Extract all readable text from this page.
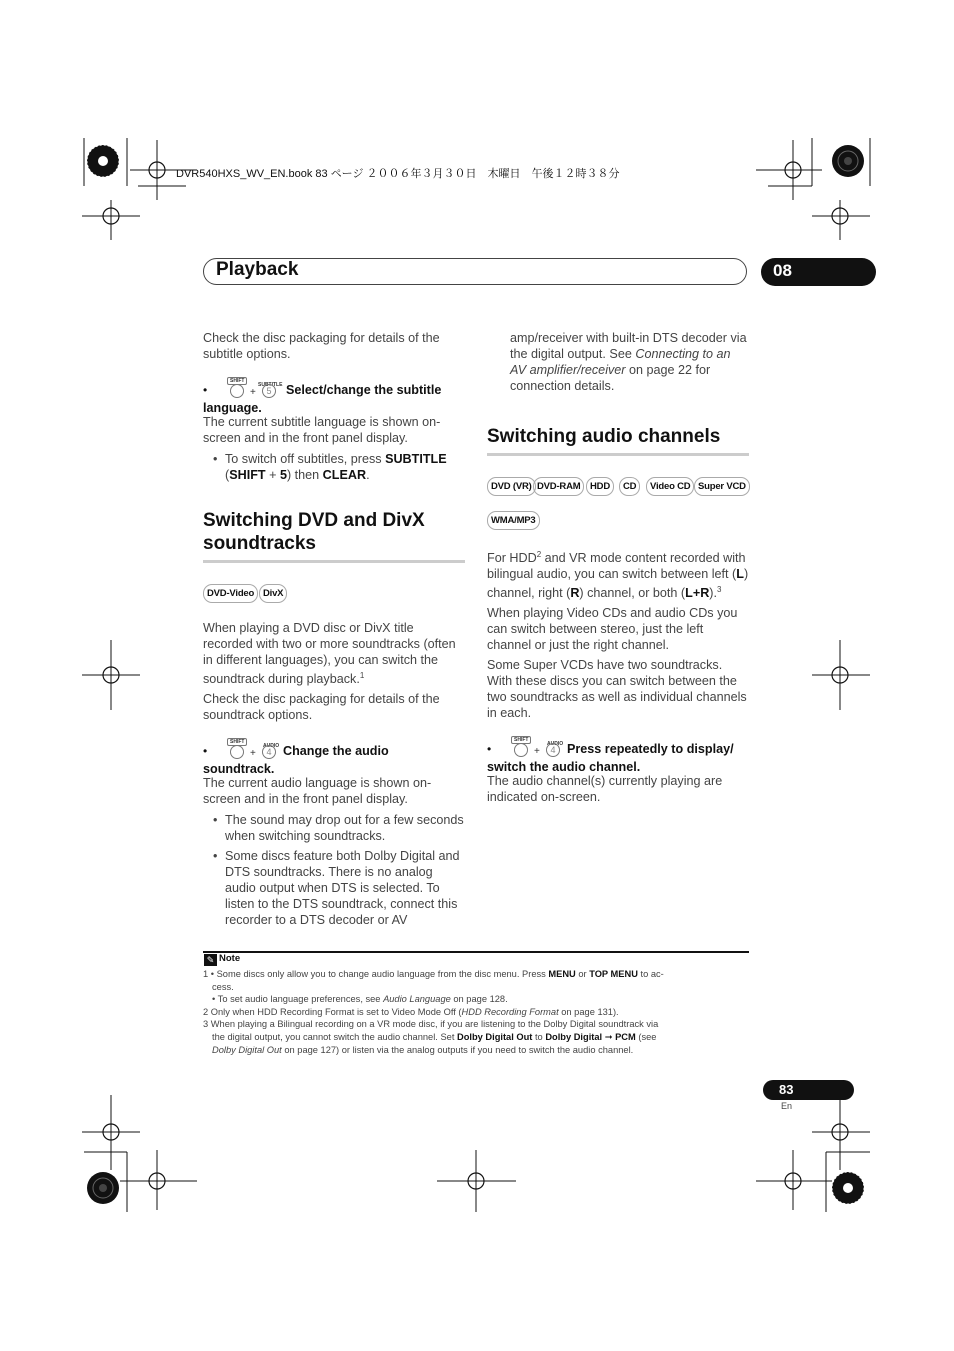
DVR540HXS_WV_EN.book 83 ページ ２００６年３月３０日　木曜日　午後１２時３８分
Playback	08

Check the disc packaging for details of the subtitle options.

•
SHIFT
+
SUBTITLE
5	Select/change the subtitle
language.

The current subtitle language is shown on-screen and in the front panel display.

• To switch off subtitles, press SUBTITLE (SHIFT + 5) then CLEAR.

Switching DVD and DivX
soundtracks
DVD-Video DivX

When playing a DVD disc or DivX title recorded with two or more soundtracks (often in different languages), you can switch the soundtrack during playback.$^1$

Check the disc packaging for details of the soundtrack options.

•
SHIFT
+
AUDIO
4 Change the audio
soundtrack.

The current audio language is shown on-screen and in the front panel display.

• The sound may drop out for a few seconds when switching soundtracks.

• Some discs feature both Dolby Digital and DTS soundtracks. There is no analog audio output when DTS is selected. To listen to the DTS soundtrack, connect this recorder to a DTS decoder or AV

amp/receiver with built-in DTS decoder via the digital output. See Connecting to an AV amplifier/receiver on page 22 for connection details.

Switching audio channels
DVD (VR) DVD-RAM	HDD	CD	Video CD Super VCD
WMA/MP3

For HDD$^2$ and VR mode content recorded with bilingual audio, you can switch between left (L) channel, right (R) channel, or both (L+R).$^3$

When playing Video CDs and audio CDs you can switch between stereo, just the left channel or just the right channel.

Some Super VCDs have two soundtracks. With these discs you can switch between the two soundtracks as well as individual channels in each.

•
SHIFT
+
AUDIO
4 Press repeatedly to display/
switch the audio channel.

The audio channel(s) currently playing are indicated on-screen.

✎ Note

1 • Some discs only allow you to change audio language from the disc menu. Press MENU or TOP MENU to ac-

cess.

• To set audio language preferences, see Audio Language on page 128.

2 Only when HDD Recording Format is set to Video Mode Off (HDD Recording Format on page 131).

3 When playing a Bilingual recording on a VR mode disc, if you are listening to the Dolby Digital soundtrack via

the digital output, you cannot switch the audio channel. Set Dolby Digital Out to Dolby Digital ➞ PCM (see

Dolby Digital Out on page 127) or listen via the analog outputs if you need to switch the audio channel.

83
En
